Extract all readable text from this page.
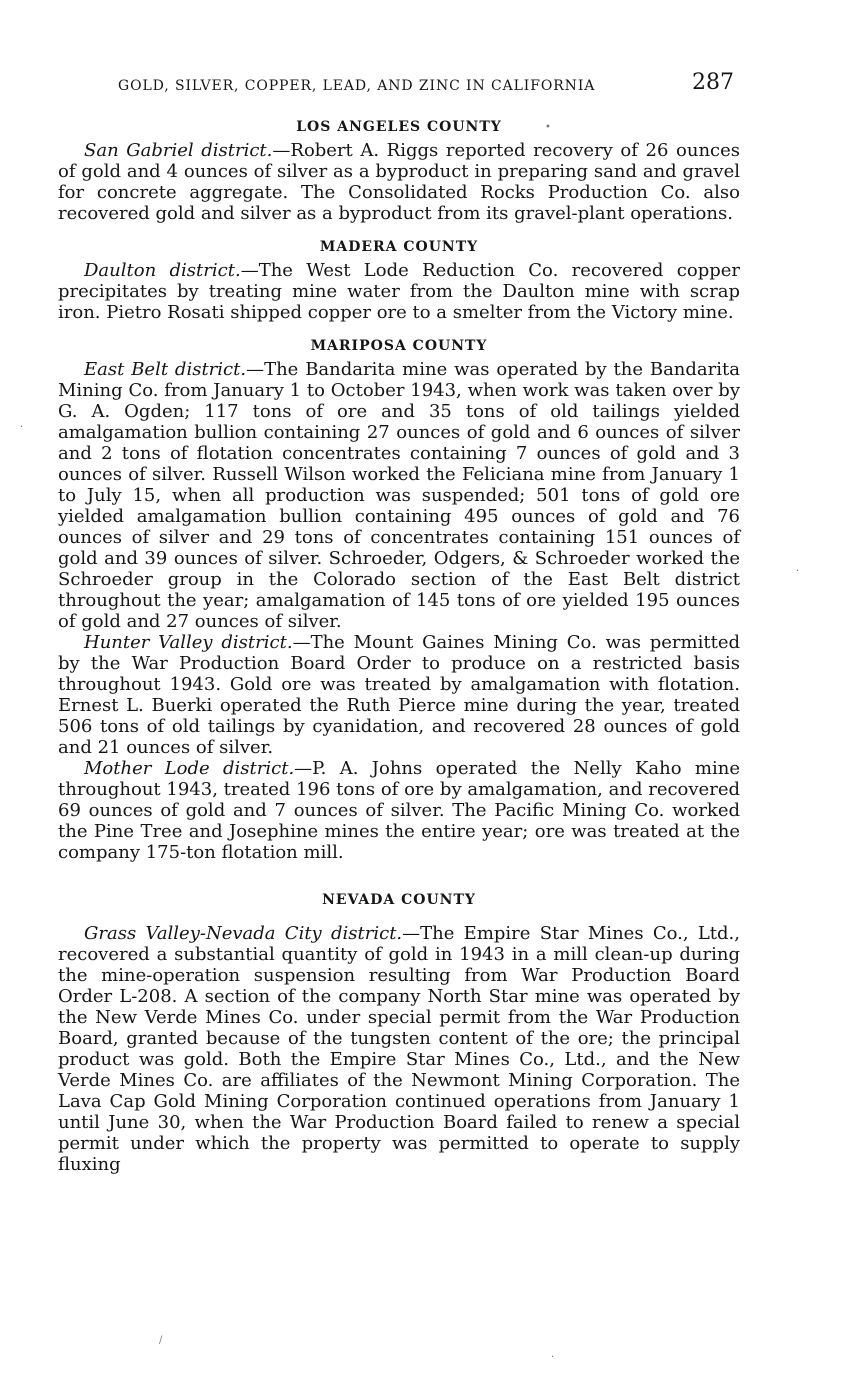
GOLD, SILVER, COPPER, LEAD, AND ZINC IN CALIFORNIA	287
LOS ANGELES COUNTY

San Gabriel district.—Robert A. Riggs reported recovery of 26 ounces of gold and 4 ounces of silver as a byproduct in preparing sand and gravel for concrete aggregate. The Consolidated Rocks Production Co. also recovered gold and silver as a byproduct from its gravel-plant operations.

MADERA COUNTY

Daulton district.—The West Lode Reduction Co. recovered copper precipitates by treating mine water from the Daulton mine with scrap iron. Pietro Rosati shipped copper ore to a smelter from the Victory mine.

MARIPOSA COUNTY

East Belt district.—The Bandarita mine was operated by the Bandarita Mining Co. from January 1 to October 1943, when work was taken over by G. A. Ogden; 117 tons of ore and 35 tons of old tailings yielded amalgamation bullion containing 27 ounces of gold and 6 ounces of silver and 2 tons of flotation concentrates containing 7 ounces of gold and 3 ounces of silver. Russell Wilson worked the Feliciana mine from January 1 to July 15, when all production was suspended; 501 tons of gold ore yielded amalgamation bullion containing 495 ounces of gold and 76 ounces of silver and 29 tons of concentrates containing 151 ounces of gold and 39 ounces of silver. Schroeder, Odgers, & Schroeder worked the Schroeder group in the Colorado section of the East Belt district throughout the year; amalgamation of 145 tons of ore yielded 195 ounces of gold and 27 ounces of silver.

Hunter Valley district.—The Mount Gaines Mining Co. was permitted by the War Production Board Order to produce on a restricted basis throughout 1943. Gold ore was treated by amalgamation with flotation. Ernest L. Buerki operated the Ruth Pierce mine during the year, treated 506 tons of old tailings by cyanidation, and recovered 28 ounces of gold and 21 ounces of silver.

Mother Lode district.—P. A. Johns operated the Nelly Kaho mine throughout 1943, treated 196 tons of ore by amalgamation, and recovered 69 ounces of gold and 7 ounces of silver. The Pacific Mining Co. worked the Pine Tree and Josephine mines the entire year; ore was treated at the company 175-ton flotation mill.

NEVADA COUNTY

Grass Valley-Nevada City district.—The Empire Star Mines Co., Ltd., recovered a substantial quantity of gold in 1943 in a mill clean-up during the mine-operation suspension resulting from War Production Board Order L-208. A section of the company North Star mine was operated by the New Verde Mines Co. under special permit from the War Production Board, granted because of the tungsten content of the ore; the principal product was gold. Both the Empire Star Mines Co., Ltd., and the New Verde Mines Co. are affiliates of the Newmont Mining Corporation. The Lava Cap Gold Mining Corporation continued operations from January 1 until June 30, when the War Production Board failed to renew a special permit under which the property was permitted to operate to supply fluxing

•
·
·
/
·
